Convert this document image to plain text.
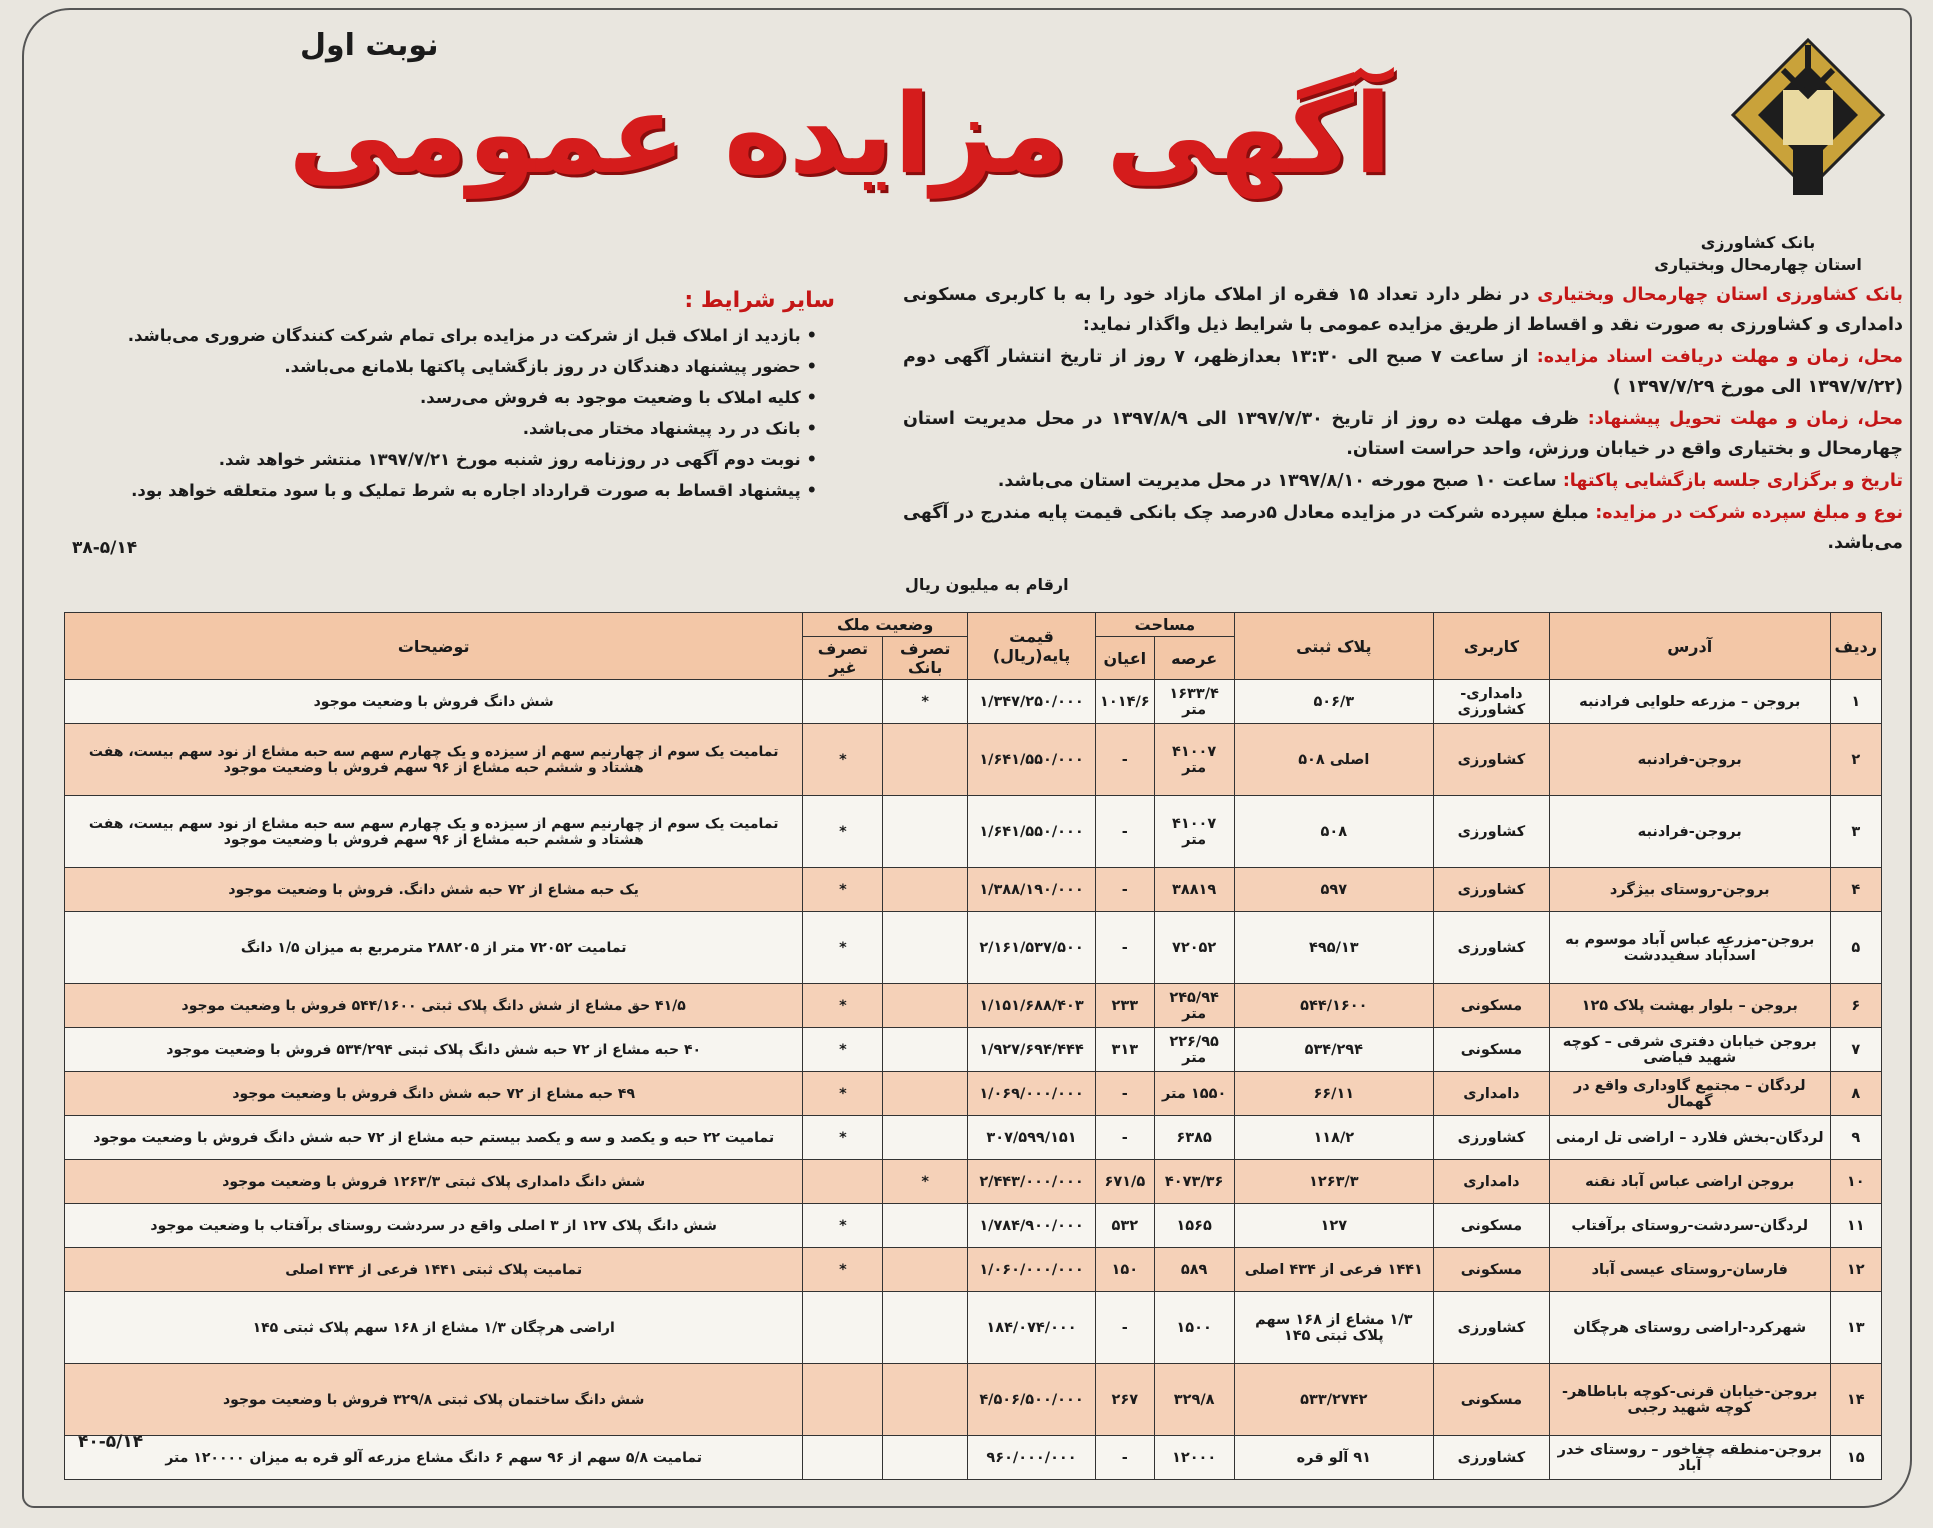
نوبت اول
آگهی مزایده عمومی
بانک کشاورزی
استان چهارمحال وبختیاری

بانک کشاورزی استان چهارمحال وبختیاری در نظر دارد تعداد ۱۵ فقره از املاک مازاد خود را به با کاربری مسکونی دامداری و کشاورزی به صورت نقد و اقساط از طریق مزایده عمومی با شرایط ذیل واگذار نماید:

محل، زمان و مهلت دریافت اسناد مزایده: از ساعت ۷ صبح الی ۱۳:۳۰ بعدازظهر، ۷ روز از تاریخ انتشار آگهی دوم (۱۳۹۷/۷/۲۲ الی مورخ ۱۳۹۷/۷/۲۹ )

محل، زمان و مهلت تحویل پیشنهاد: ظرف مهلت ده روز از تاریخ ۱۳۹۷/۷/۳۰ الی ۱۳۹۷/۸/۹ در محل مدیریت استان چهارمحال و بختیاری واقع در خیابان ورزش، واحد حراست استان.

تاریخ و برگزاری جلسه بازگشایی پاکتها: ساعت ۱۰ صبح مورخه ۱۳۹۷/۸/۱۰ در محل مدیریت استان می‌باشد.

نوع و مبلغ سپرده شرکت در مزایده: مبلغ سپرده شرکت در مزایده معادل ۵درصد چک بانکی قیمت پایه مندرج در آگهی می‌باشد.

سایر شرایط :
• بازدید از املاک قبل از شرکت در مزایده برای تمام شرکت کنندگان ضروری می‌باشد.
• حضور پیشنهاد دهندگان در روز بازگشایی پاکتها بلامانع می‌باشد.
• کلیه املاک با وضعیت موجود به فروش می‌رسد.
• بانک در رد پیشنهاد مختار می‌باشد.
• نوبت دوم آگهی در روزنامه روز شنبه مورخ ۱۳۹۷/۷/۲۱ منتشر خواهد شد.
• پیشنهاد اقساط به صورت قرارداد اجاره به شرط تملیک و با سود متعلقه خواهد بود.
۳۸-۵/۱۴
ارقام به میلیون ریال
ردیف	آدرس	کاربری	پلاک ثبتی	مساحت		قیمت پایه(ریال)	وضعیت ملک		توضیحات
				عرصه	اعیان		تصرف بانک	تصرف غیر	
۱	بروجن – مزرعه حلوایی فرادنبه	دامداری-کشاورزی	۵۰۶/۳	۱۶۳۳/۴ متر	۱۰۱۴/۶	۱/۳۴۷/۲۵۰/۰۰۰	*		شش دانگ فروش با وضعیت موجود
۲	بروجن-فرادنبه	کشاورزی	اصلی ۵۰۸	۴۱۰۰۷ متر	-	۱/۶۴۱/۵۵۰/۰۰۰		*	تمامیت یک سوم از چهارنیم سهم از سیزده و یک چهارم سهم سه حبه مشاع از نود سهم بیست، هفت هشتاد و ششم حبه مشاع از ۹۶ سهم فروش با وضعیت موجود
۳	بروجن-فرادنبه	کشاورزی	۵۰۸	۴۱۰۰۷ متر	-	۱/۶۴۱/۵۵۰/۰۰۰		*	تمامیت یک سوم از چهارنیم سهم از سیزده و یک چهارم سهم سه حبه مشاع از نود سهم بیست، هفت هشتاد و ششم حبه مشاع از ۹۶ سهم فروش با وضعیت موجود
۴	بروجن-روستای بیژگرد	کشاورزی	۵۹۷	۳۸۸۱۹	-	۱/۳۸۸/۱۹۰/۰۰۰		*	یک حبه مشاع از ۷۲ حبه شش دانگ. فروش با وضعیت موجود
۵	بروجن-مزرعه عباس آباد موسوم به اسدآباد سفیددشت	کشاورزی	۴۹۵/۱۳	۷۲۰۵۲	-	۲/۱۶۱/۵۳۷/۵۰۰		*	تمامیت ۷۲۰۵۲ متر از ۲۸۸۲۰۵ مترمربع به میزان ۱/۵ دانگ
۶	بروجن – بلوار بهشت پلاک ۱۲۵	مسکونی	۵۴۴/۱۶۰۰	۲۴۵/۹۴ متر	۲۳۳	۱/۱۵۱/۶۸۸/۴۰۳		*	۴۱/۵ حق مشاع از شش دانگ پلاک ثبتی ۵۴۴/۱۶۰۰ فروش با وضعیت موجود
۷	بروجن خیابان دفتری شرقی – کوچه شهید فیاضی	مسکونی	۵۳۴/۲۹۴	۲۲۶/۹۵ متر	۳۱۳	۱/۹۲۷/۶۹۴/۴۴۴		*	۴۰ حبه مشاع از ۷۲ حبه شش دانگ پلاک ثبتی ۵۳۴/۲۹۴ فروش با وضعیت موجود
۸	لردگان – مجتمع گاوداری واقع در گهمال	دامداری	۶۶/۱۱	۱۵۵۰ متر	-	۱/۰۶۹/۰۰۰/۰۰۰		*	۴۹ حبه مشاع از ۷۲ حبه شش دانگ فروش با وضعیت موجود
۹	لردگان-بخش فلارد – اراضی تل ارمنی	کشاورزی	۱۱۸/۲	۶۳۸۵	-	۳۰۷/۵۹۹/۱۵۱		*	تمامیت ۲۲ حبه و یکصد و سه و یکصد بیستم حبه مشاع از ۷۲ حبه شش دانگ فروش با وضعیت موجود
۱۰	بروجن اراضی عباس آباد نقنه	دامداری	۱۲۶۳/۳	۴۰۷۳/۳۶	۶۷۱/۵	۲/۴۴۳/۰۰۰/۰۰۰	*		شش دانگ دامداری پلاک ثبتی ۱۲۶۳/۳ فروش با وضعیت موجود
۱۱	لردگان-سردشت-روستای برآفتاب	مسکونی	۱۲۷	۱۵۶۵	۵۳۲	۱/۷۸۴/۹۰۰/۰۰۰		*	شش دانگ پلاک ۱۲۷ از ۳ اصلی واقع در سردشت روستای برآفتاب با وضعیت موجود
۱۲	فارسان-روستای عیسی آباد	مسکونی	۱۴۴۱ فرعی از ۴۳۴ اصلی	۵۸۹	۱۵۰	۱/۰۶۰/۰۰۰/۰۰۰		*	تمامیت پلاک ثبتی ۱۴۴۱ فرعی از ۴۳۴ اصلی
۱۳	شهرکرد-اراضی روستای هرچگان	کشاورزی	۱/۳ مشاع از ۱۶۸ سهم پلاک ثبتی ۱۴۵	۱۵۰۰	-	۱۸۴/۰۷۴/۰۰۰			اراضی هرچگان ۱/۳ مشاع از ۱۶۸ سهم پلاک ثبتی ۱۴۵
۱۴	بروجن-خیابان قرنی-کوچه باباطاهر-کوچه شهید رجبی	مسکونی	۵۳۳/۲۷۴۲	۳۲۹/۸	۲۶۷	۴/۵۰۶/۵۰۰/۰۰۰			شش دانگ ساختمان پلاک ثبتی ۳۲۹/۸ فروش با وضعیت موجود
۱۵	بروجن-منطقه چغاخور – روستای خدر آباد	کشاورزی	۹۱ آلو قره	۱۲۰۰۰	-	۹۶۰/۰۰۰/۰۰۰			تمامیت ۵/۸ سهم از ۹۶ سهم ۶ دانگ مشاع مزرعه آلو قره به میزان ۱۲۰۰۰۰ متر
۴۰-۵/۱۴
